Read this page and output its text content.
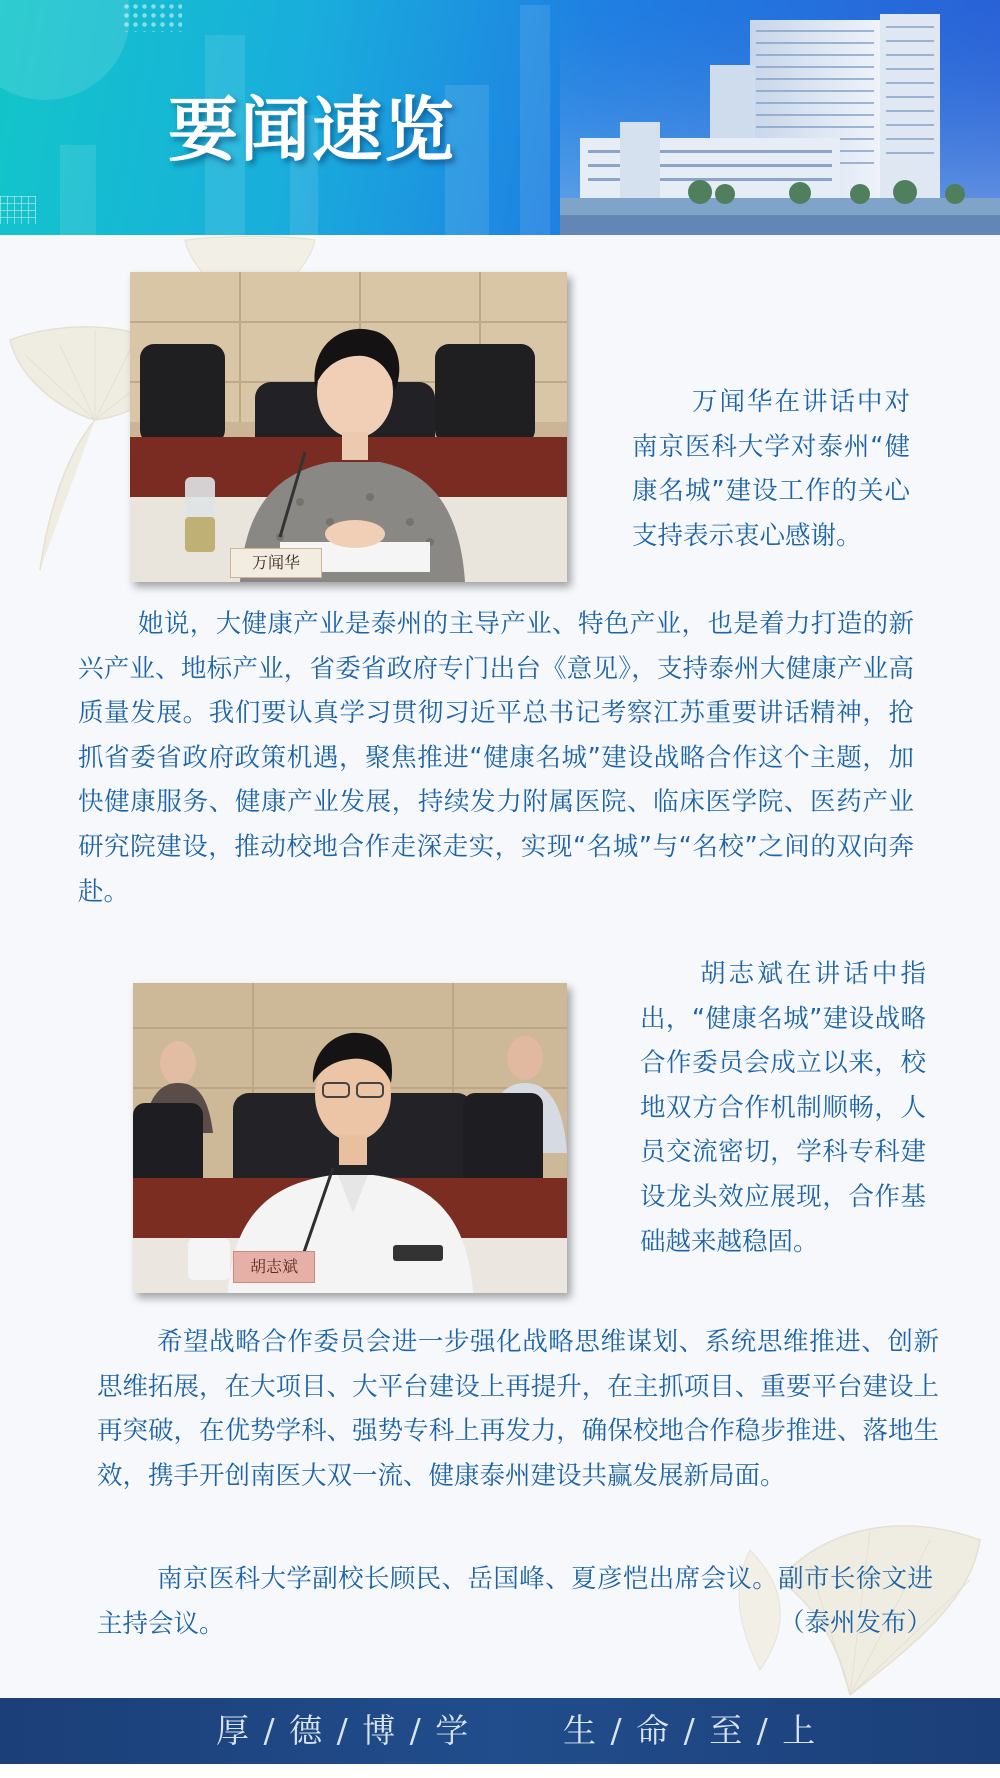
要闻速览
万闻华

万闻华在讲话中对南京医科大学对泰州“健康名城”建设工作的关心支持表示衷心感谢。

她说，大健康产业是泰州的主导产业、特色产业，也是着力打造的新兴产业、地标产业，省委省政府专门出台《意见》，支持泰州大健康产业高质量发展。我们要认真学习贯彻习近平总书记考察江苏重要讲话精神，抢抓省委省政府政策机遇，聚焦推进“健康名城”建设战略合作这个主题，加快健康服务、健康产业发展，持续发力附属医院、临床医学院、医药产业研究院建设，推动校地合作走深走实，实现“名城”与“名校”之间的双向奔赴。

胡志斌

胡志斌在讲话中指出，“健康名城”建设战略合作委员会成立以来，校地双方合作机制顺畅，人员交流密切，学科专科建设龙头效应展现，合作基础越来越稳固。

希望战略合作委员会进一步强化战略思维谋划、系统思维推进、创新思维拓展，在大项目、大平台建设上再提升，在主抓项目、重要平台建设上再突破，在优势学科、强势专科上再发力，确保校地合作稳步推进、落地生效，携手开创南医大双一流、健康泰州建设共赢发展新局面。

南京医科大学副校长顾民、岳国峰、夏彦恺出席会议。副市长徐文进主持会议。	（泰州发布）

厚 / 德 / 博 / 学	生 / 命 / 至 / 上
